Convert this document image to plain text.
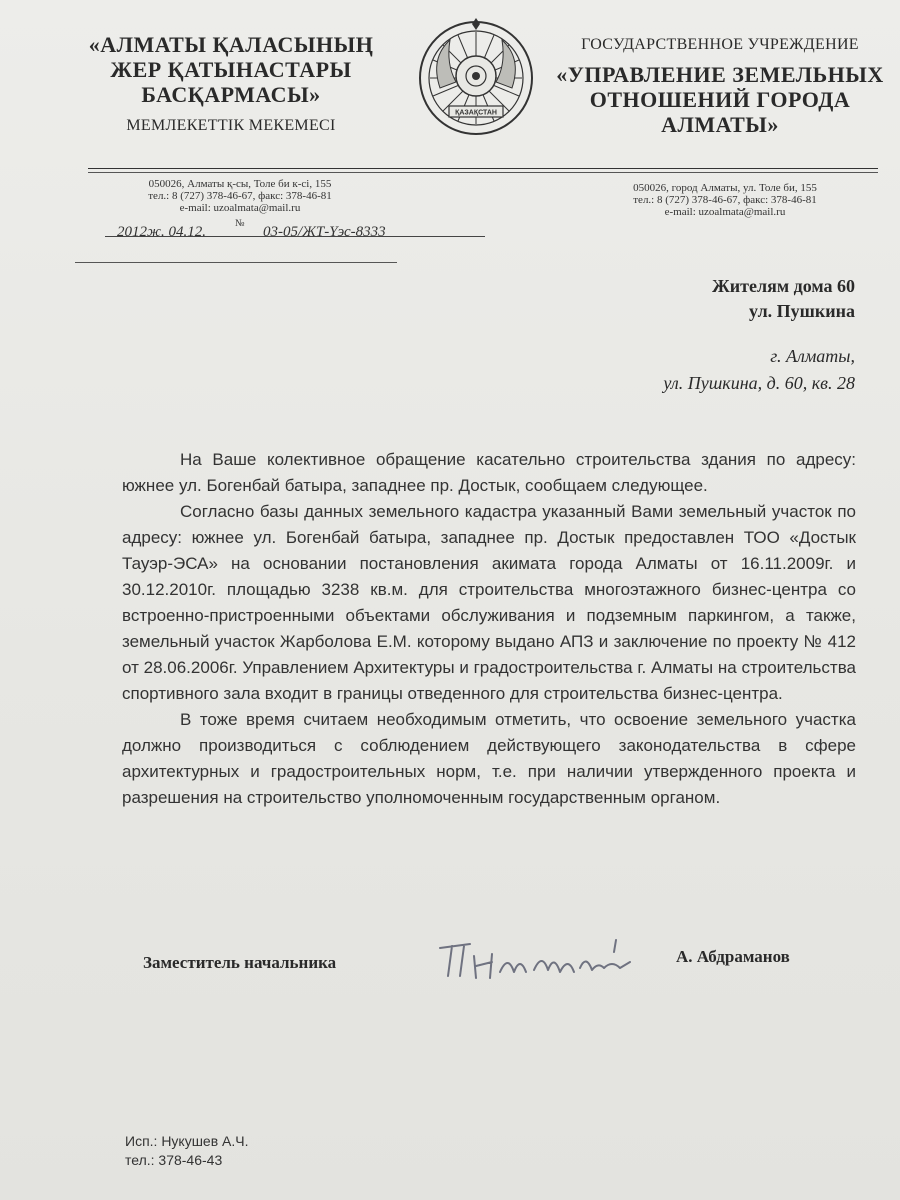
«АЛМАТЫ ҚАЛАСЫНЫҢ
ЖЕР ҚАТЫНАСТАРЫ
БАСҚАРМАСЫ»
МЕМЛЕКЕТТІК МЕКЕМЕСІ
ҚАЗАҚСТАН
ГОСУДАРСТВЕННОЕ УЧРЕЖДЕНИЕ
«УПРАВЛЕНИЕ ЗЕМЕЛЬНЫХ
ОТНОШЕНИЙ ГОРОДА
АЛМАТЫ»
050026, Алматы қ-сы, Толе би к-сі, 155
тел.: 8 (727) 378-46-67, факс: 378-46-81
e-mail: uzoalmata@mail.ru
050026, город Алматы, ул. Толе би, 155
тел.: 8 (727) 378-46-67, факс: 378-46-81
e-mail: uzoalmata@mail.ru
2012ж. 04.12.
№
03-05/ЖТ-Үэс-8333
Жителям дома 60
ул. Пушкина
г. Алматы,
ул. Пушкина, д. 60, кв. 28

На Ваше колективное обращение касательно строительства здания по адресу: южнее ул. Богенбай батыра, западнее пр. Достык, сообщаем следующее.

Согласно базы данных земельного кадастра указанный Вами земельный участок по адресу: южнее ул. Богенбай батыра, западнее пр. Достык предоставлен ТОО «Достык Тауэр-ЭСА» на основании постановления акимата города Алматы от 16.11.2009г. и 30.12.2010г. площадью 3238 кв.м. для строительства многоэтажного бизнес-центра со встроенно-пристроенными объектами обслуживания и подземным паркингом, а также, земельный участок Жарболова Е.М. которому выдано АПЗ и заключение по проекту № 412 от 28.06.2006г. Управлением Архитектуры и градостроительства г. Алматы на строительства спортивного зала входит в границы отведенного для строительства бизнес-центра.

В тоже время считаем необходимым отметить, что освоение земельного участка должно производиться с соблюдением действующего законодательства в сфере архитектурных и градостроительных норм, т.е. при наличии утвержденного проекта и разрешения на строительство уполномоченным государственным органом.

Заместитель начальника	А. Абдраманов
Исп.: Нукушев А.Ч.
тел.: 378-46-43
